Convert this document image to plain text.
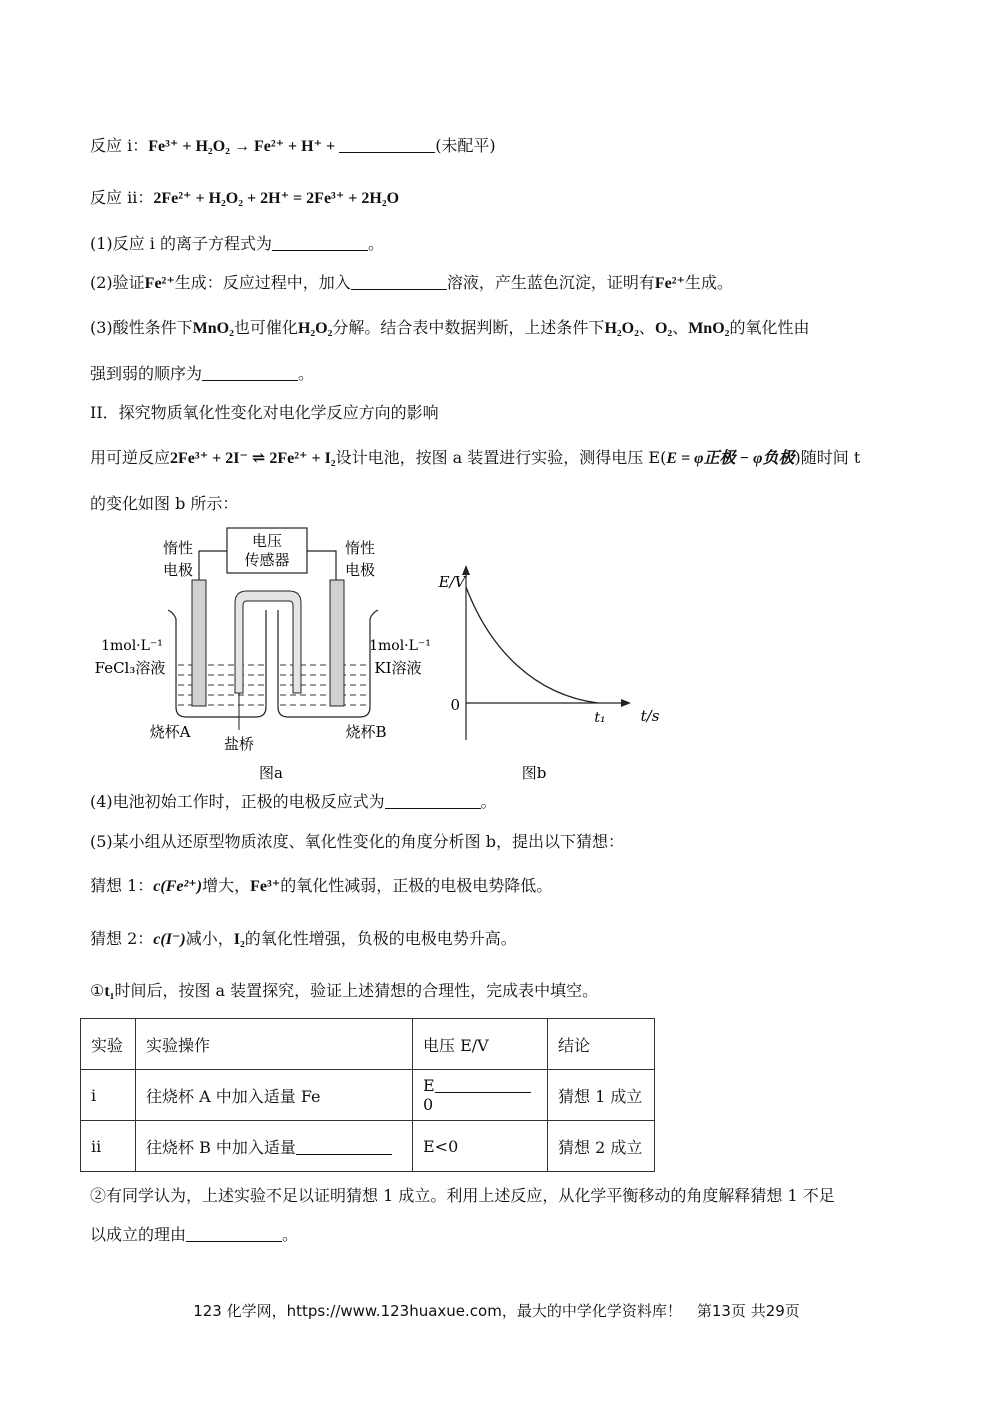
反应 i：Fe³⁺ + H₂O₂ → Fe²⁺ + H⁺ +	(未配平)
反应 ii：2Fe²⁺ + H₂O₂ + 2H⁺ = 2Fe³⁺ + 2H₂O
(1)反应 i 的离子方程式为	。
(2)验证Fe²⁺生成：反应过程中，加入	溶液，产生蓝色沉淀，证明有Fe²⁺生成。
(3)酸性条件下MnO₂也可催化H₂O₂分解。结合表中数据判断，上述条件下H₂O₂、O₂、MnO₂的氧化性由
强到弱的顺序为	。
II．探究物质氧化性变化对电化学反应方向的影响
用可逆反应2Fe³⁺ + 2I⁻ ⇌ 2Fe²⁺ + I₂设计电池，按图 a 装置进行实验，测得电压 E(E = φ正极 − φ负极)随时间 t
的变化如图 b 所示：
电压
传感器
惰性
电极
惰性
电极
1mol·L⁻¹
FeCl₃溶液
1mol·L⁻¹
KI溶液
烧杯A	烧杯B
盐桥
图a
E/V
0
t₁ t/s
图b
(4)电池初始工作时，正极的电极反应式为	。
(5)某小组从还原型物质浓度、氧化性变化的角度分析图 b，提出以下猜想：
猜想 1：c(Fe²⁺)增大，Fe³⁺的氧化性减弱，正极的电极电势降低。
猜想 2：c(I⁻)减小，I₂的氧化性增强，负极的电极电势升高。
①t₁时间后，按图 a 装置探究，验证上述猜想的合理性，完成表中填空。
实验	实验操作	电压 E/V	结论
i	往烧杯 A 中加入适量 Fe	E0	猜想 1 成立
ii	往烧杯 B 中加入适量	E<0	猜想 2 成立
②有同学认为，上述实验不足以证明猜想 1 成立。利用上述反应，从化学平衡移动的角度解释猜想 1 不足
以成立的理由	。
123 化学网，https://www.123huaxue.com，最大的中学化学资料库！　第13页 共29页
